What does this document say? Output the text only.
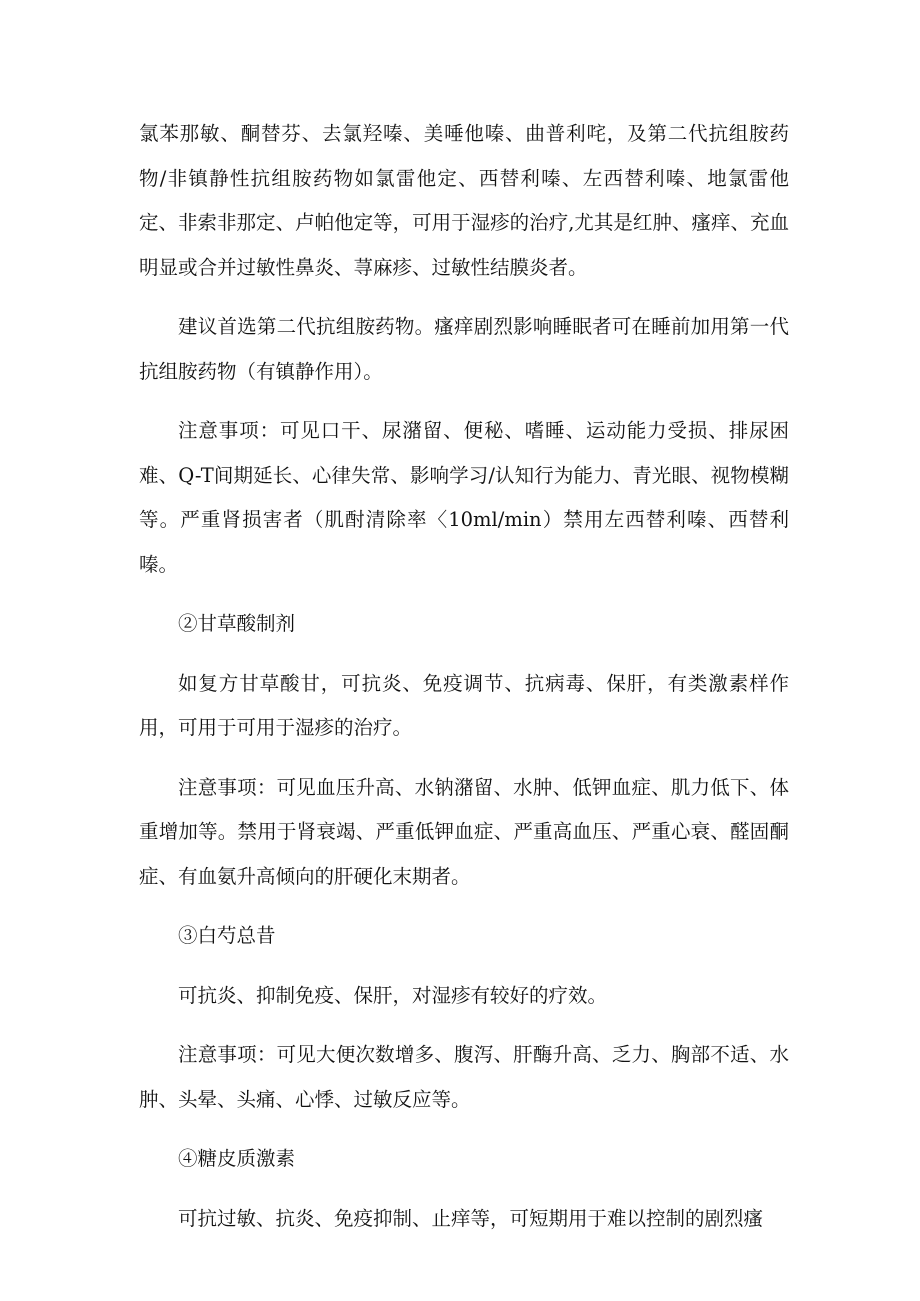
氯苯那敏、酮替芬、去氯羟嗪、美唾他嗪、曲普利咤，及第二代抗组胺药物/非镇静性抗组胺药物如氯雷他定、西替利嗪、左西替利嗪、地氯雷他定、非索非那定、卢帕他定等，可用于湿疹的治疗,尤其是红肿、瘙痒、充血明显或合并过敏性鼻炎、荨麻疹、过敏性结膜炎者。

建议首选第二代抗组胺药物。瘙痒剧烈影响睡眠者可在睡前加用第一代抗组胺药物（有镇静作用）。

注意事项：可见口干、尿潴留、便秘、嗜睡、运动能力受损、排尿困难、Q-T间期延长、心律失常、影响学习/认知行为能力、青光眼、视物模糊等。严重肾损害者（肌酎清除率〈10ml/min）禁用左西替利嗪、西替利嗪。

②甘草酸制剂

如复方甘草酸甘，可抗炎、免疫调节、抗病毒、保肝，有类激素样作用，可用于可用于湿疹的治疗。

注意事项：可见血压升高、水钠潴留、水肿、低钾血症、肌力低下、体重增加等。禁用于肾衰竭、严重低钾血症、严重高血压、严重心衰、醛固酮症、有血氨升高倾向的肝硬化末期者。

③白芍总昔

可抗炎、抑制免疫、保肝，对湿疹有较好的疗效。

注意事项：可见大便次数增多、腹泻、肝酶升高、乏力、胸部不适、水肿、头晕、头痛、心悸、过敏反应等。

④糖皮质激素

可抗过敏、抗炎、免疫抑制、止痒等，可短期用于难以控制的剧烈瘙
